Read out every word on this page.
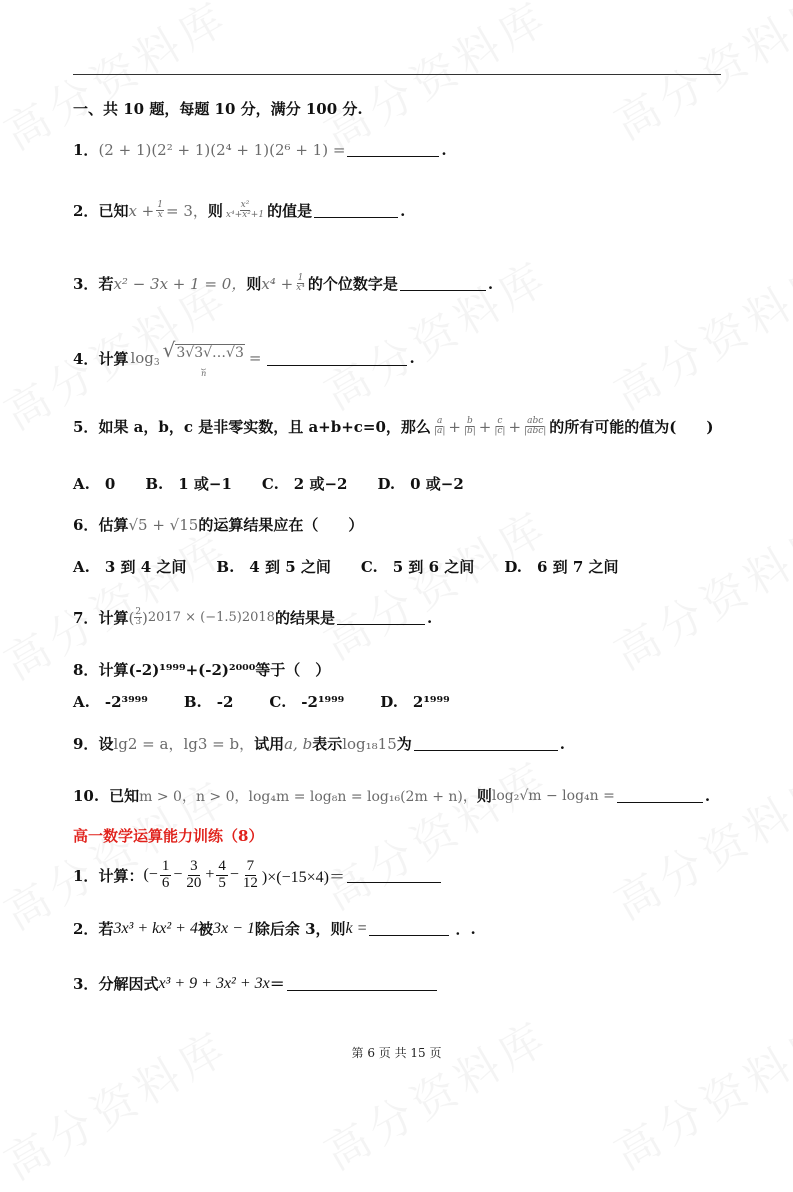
一、共 10 题，每题 10 分，满分 100 分.
1． (2 + 1)(2² + 1)(2⁴ + 1)(2⁶ + 1) =	.
2． 已知 $x + \frac{1}{x} = 3$， 则 $\frac{\text{x²}}{\text{x⁴+x²+1}}$ 的值是	.
3． 若 x² − 3x + 1 = 0， 则 $x^4 + \frac{1}{\text{x⁴}}$ 的个位数字是	.
4． 计算 log 3
√3√3√…√3
⏟
n
=	.
5． 如果 a，b，c 是非零实数，且 a+b+c=0，那么 $\frac{a}{|a|} + \frac{b}{|b|} + \frac{c}{|c|} + \frac{\text{abc}}{\text{|abc|}}$ 的所有可能的值为(　　)
A.　0 B.　1 或−1 C.　2 或−2 D.　0 或−2
6． 估算 √5 + √15 的运算结果应在（　　）
A.　3 到 4 之间 B.　4 到 5 之间 C.　5 到 6 之间 D.　6 到 7 之间
7． 计算 ( $\frac{2}{3}$ ) 2017 × (−1.5)2018 的结果是	.
8． 计算(-2)¹⁹⁹⁹+(-2)²⁰⁰⁰等于（　）
A.　-2³⁹⁹⁹ B.　-2 C.　-2¹⁹⁹⁹ D.　2¹⁹⁹⁹
9． 设 lg2 = a，lg3 = b， 试用 a, b 表示 log₁₈15 为	.
10. 已知 m > 0，n > 0，log₄m = log₈n = log₁₆(2m + n)， 则 log₂√m − log₄n =	.
高一数学运算能力训练（8）
1． 计算： (− $\frac{1}{6} - \frac{3}{20} + \frac{4}{5} - \frac{7}{12} )\times(-15\times 4)=$
2． 若 3x³ + kx² + 4 被 3x − 1 除后余 3，则 k =	．.
3． 分解因式 x³ + 9 + 3x² + 3x ＝
第 6 页 共 15 页
